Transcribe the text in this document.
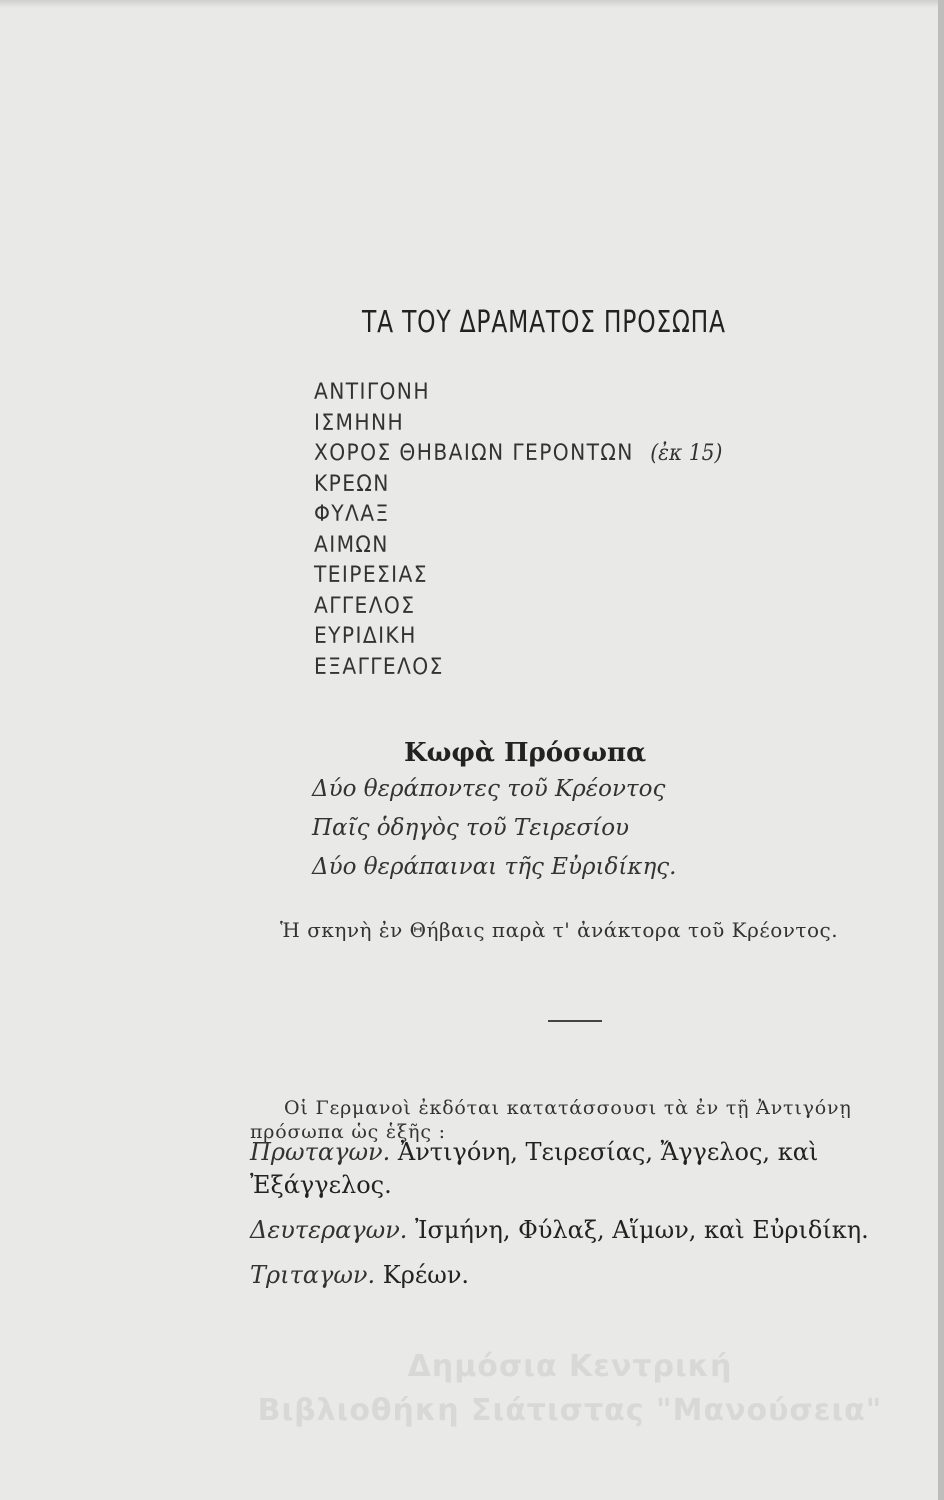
ΤΑ ΤΟΥ ΔΡΑΜΑΤΟΣ ΠΡΟΣΩΠΑ
ΑΝΤΙΓΟΝΗ
ΙΣΜΗΝΗ
ΧΟΡΟΣ ΘΗΒΑΙΩΝ ΓΕΡΟΝΤΩΝ (ἐκ 15)
ΚΡΕΩΝ
ΦΥΛΑΞ
ΑΙΜΩΝ
ΤΕΙΡΕΣΙΑΣ
ΑΓΓΕΛΟΣ
ΕΥΡΙΔΙΚΗ
ΕΞΑΓΓΕΛΟΣ
Κωφὰ Πρόσωπα
Δύο θεράποντες τοῦ Κρέοντος
Παῖς ὁδηγὸς τοῦ Τειρεσίου
Δύο θεράπαιναι τῆς Εὐριδίκης.
Ἡ σκηνὴ ἐν Θήβαις παρὰ τ' ἀνάκτορα τοῦ Κρέοντος.
Οἱ Γερμανοὶ ἐκδόται κατατάσσουσι τὰ ἐν τῇ Ἀντιγόνῃ πρόσωπα ὡς ἑξῆς :
Πρωταγων. Ἀντιγόνη, Τειρεσίας, Ἄγγελος, καὶ Ἐξάγγελος.
Δευτεραγων. Ἰσμήνη, Φύλαξ, Αἵμων, καὶ Εὐριδίκη.
Τριταγων. Κρέων.
Δημόσια Κεντρική
Βιβλιοθήκη Σιάτιστας "Μανούσεια"
